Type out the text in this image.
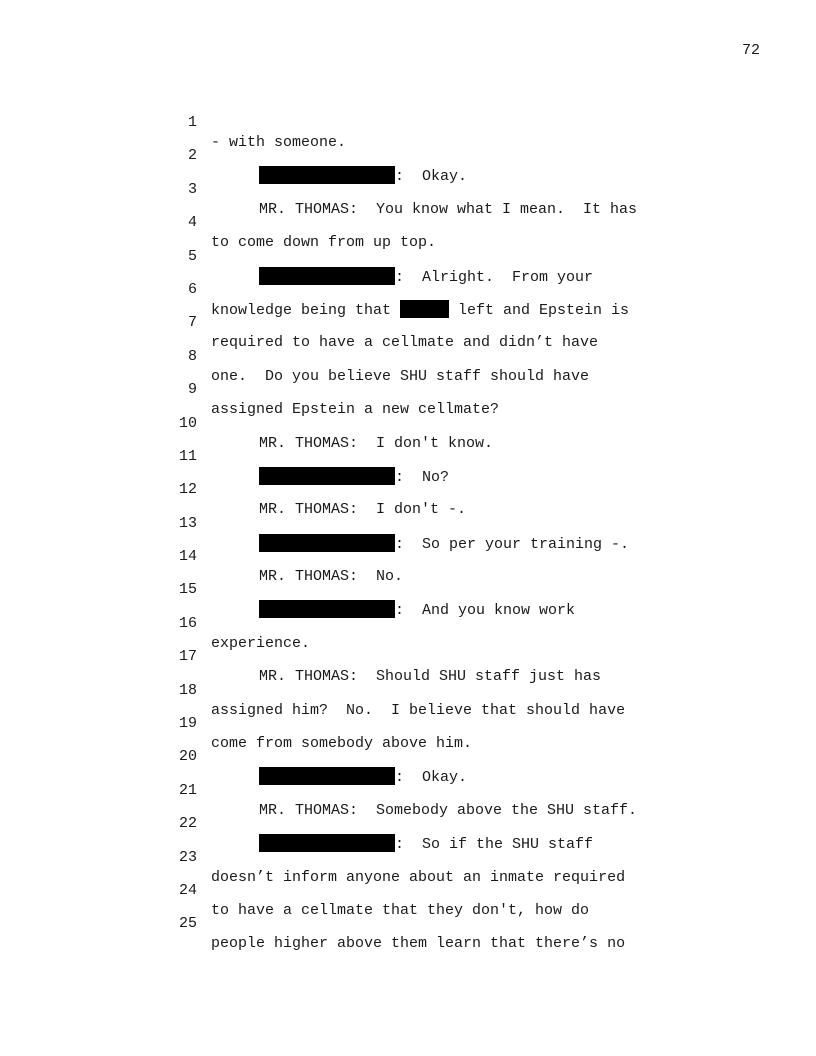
72

1

- with someone.

2

:  Okay.

3

MR. THOMAS:  You know what I mean.  It has

4

to come down from up top.

5

:  Alright.  From your

6

knowledge being that	left and Epstein is

7

required to have a cellmate and didn’t have

8

one.  Do you believe SHU staff should have

9

assigned Epstein a new cellmate?

10

MR. THOMAS:  I don't know.

11

:  No?

12

MR. THOMAS:  I don't -.

13

:  So per your training -.

14

MR. THOMAS:  No.

15

:  And you know work

16

experience.

17

MR. THOMAS:  Should SHU staff just has

18

assigned him?  No.  I believe that should have

19

come from somebody above him.

20

:  Okay.

21

MR. THOMAS:  Somebody above the SHU staff.

22

:  So if the SHU staff

23

doesn’t inform anyone about an inmate required

24

to have a cellmate that they don't, how do

25

people higher above them learn that there’s no
